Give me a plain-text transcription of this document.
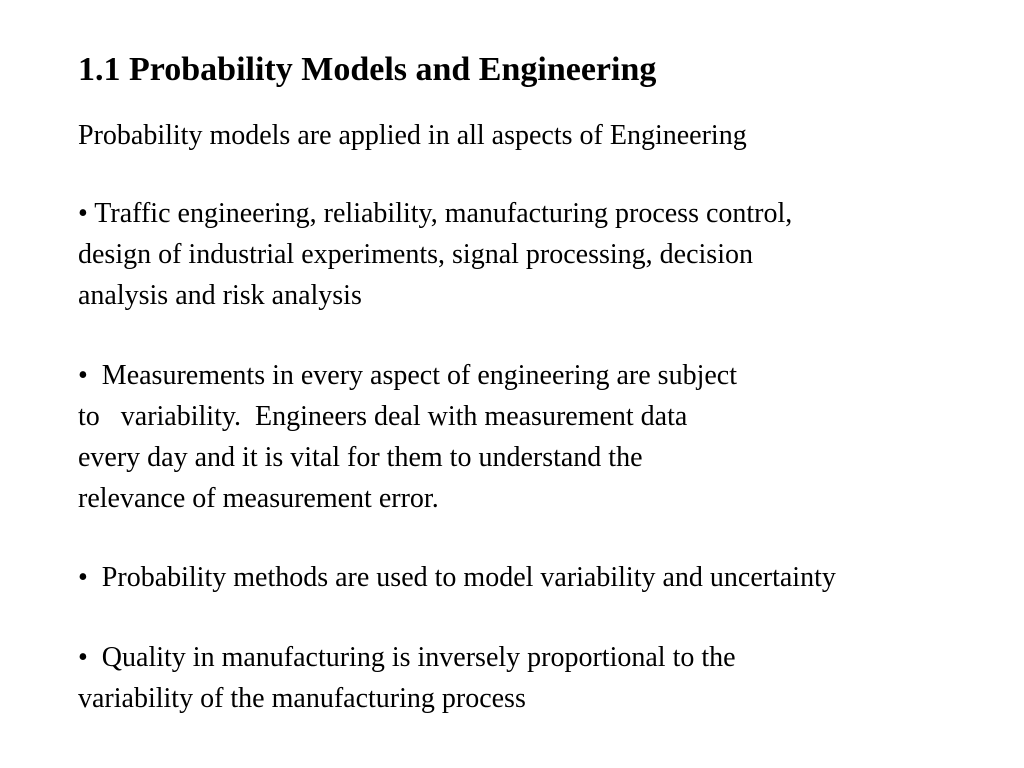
1.1 Probability Models and Engineering
Probability models are applied in all aspects of Engineering
• Traffic engineering, reliability, manufacturing process control,
design of industrial experiments, signal processing, decision
analysis and risk analysis
•  Measurements in every aspect of engineering are subject
to   variability.  Engineers deal with measurement data
every day and it is vital for them to understand the
relevance of measurement error.
•  Probability methods are used to model variability and uncertainty
•  Quality in manufacturing is inversely proportional to the
variability of the manufacturing process
